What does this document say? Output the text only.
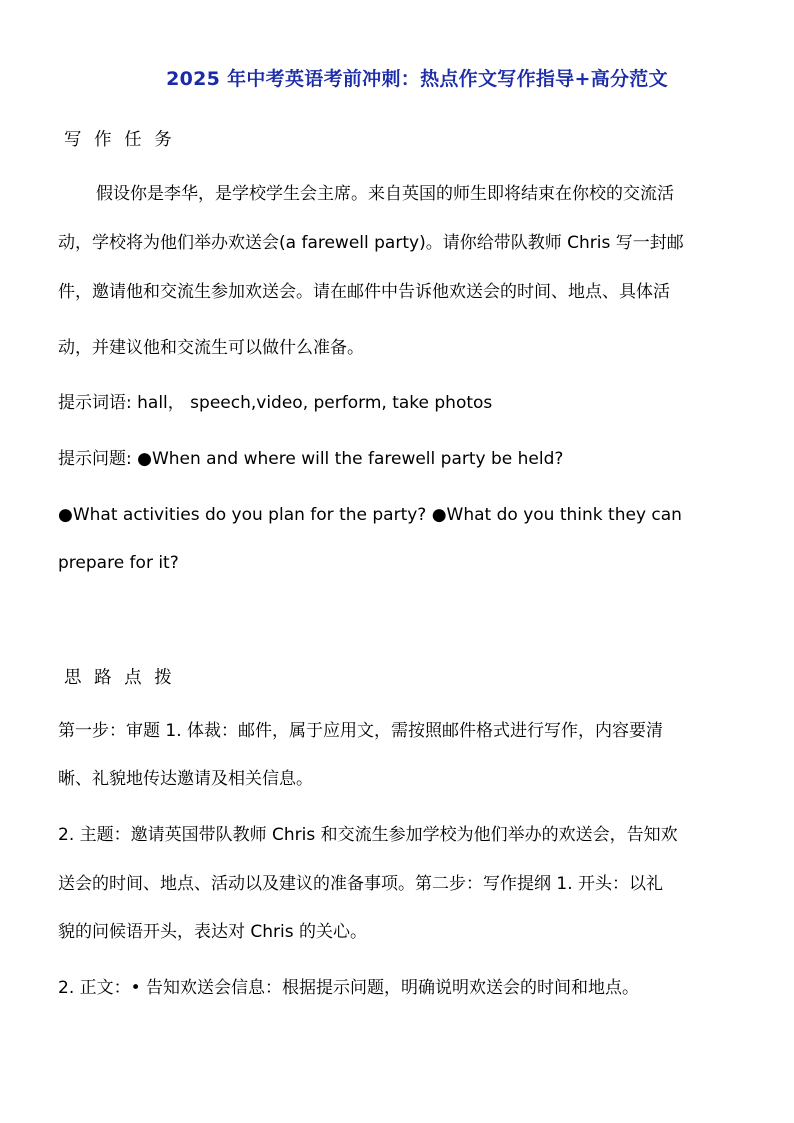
2025 年中考英语考前冲刺：热点作文写作指导+高分范文
写 作 任 务
假设你是李华，是学校学生会主席。来自英国的师生即将结束在你校的交流活
动，学校将为他们举办欢送会(a farewell party)。请你给带队教师 Chris 写一封邮
件，邀请他和交流生参加欢送会。请在邮件中告诉他欢送会的时间、地点、具体活
动，并建议他和交流生可以做什么准备。
提示词语: hall， speech,video, perform, take photos
提示问题: ●When and where will the farewell party be held?
●What activities do you plan for the party? ●What do you think they can
prepare for it?
思 路 点 拨
第一步：审题 1. 体裁：邮件，属于应用文，需按照邮件格式进行写作，内容要清
晰、礼貌地传达邀请及相关信息。
2. 主题：邀请英国带队教师 Chris 和交流生参加学校为他们举办的欢送会，告知欢
送会的时间、地点、活动以及建议的准备事项。第二步：写作提纲 1. 开头：以礼
貌的问候语开头，表达对 Chris 的关心。
2. 正文：• 告知欢送会信息：根据提示问题，明确说明欢送会的时间和地点。
